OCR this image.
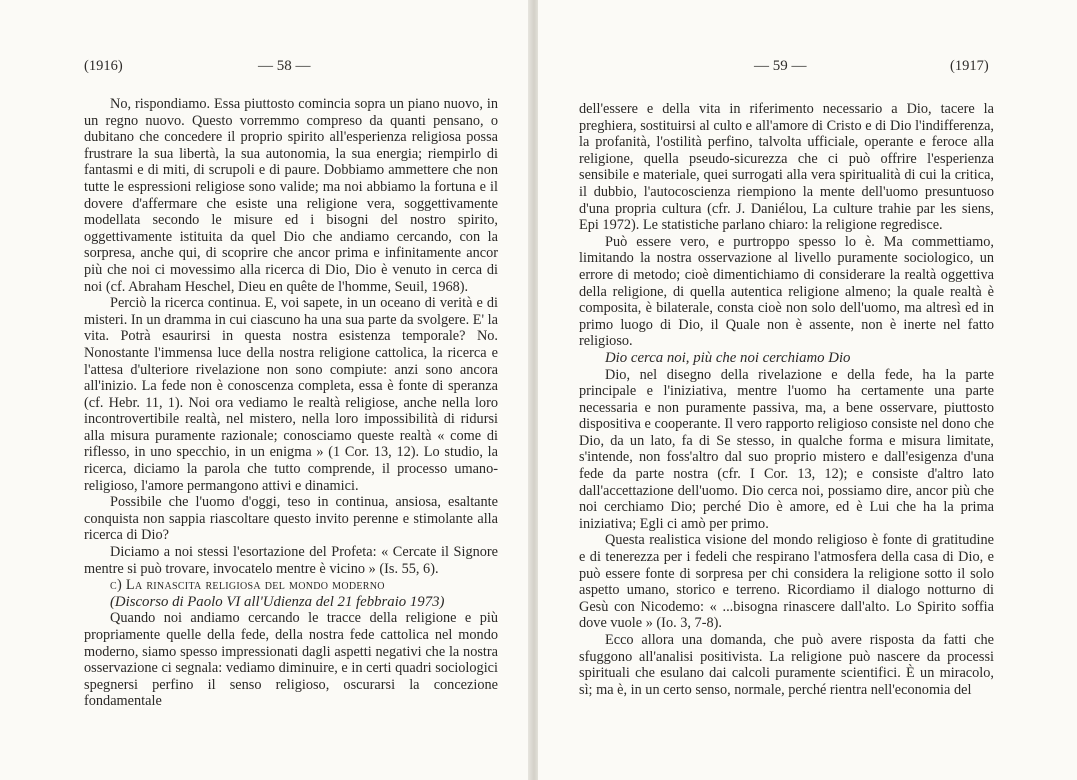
(1916)	— 58 —

No, rispondiamo. Essa piuttosto comincia sopra un piano nuovo, in un regno nuovo. Questo vorremmo compreso da quanti pensano, o dubitano che concedere il proprio spirito all'esperienza religiosa possa frustrare la sua libertà, la sua autonomia, la sua energia; riempirlo di fantasmi e di miti, di scrupoli e di paure. Dobbiamo ammettere che non tutte le espressioni religiose sono valide; ma noi abbiamo la fortuna e il dovere d'affermare che esiste una religione vera, soggettivamente modellata secondo le misure ed i bisogni del nostro spirito, oggettivamente istituita da quel Dio che andiamo cercando, con la sorpresa, anche qui, di scoprire che ancor prima e infinitamente ancor più che noi ci movessimo alla ricerca di Dio, Dio è venuto in cerca di noi (cf. Abraham Heschel, Dieu en quête de l'homme, Seuil, 1968).

Perciò la ricerca continua. E, voi sapete, in un oceano di verità e di misteri. In un dramma in cui ciascuno ha una sua parte da svolgere. E' la vita. Potrà esaurirsi in questa nostra esistenza temporale? No. Nonostante l'immensa luce della nostra religione cattolica, la ricerca e l'attesa d'ulteriore rivelazione non sono compiute: anzi sono ancora all'inizio. La fede non è conoscenza completa, essa è fonte di speranza (cf. Hebr. 11, 1). Noi ora vediamo le realtà religiose, anche nella loro incontrovertibile realtà, nel mistero, nella loro impossibilità di ridursi alla misura puramente razionale; conosciamo queste realtà « come di riflesso, in uno specchio, in un enigma » (1 Cor. 13, 12). Lo studio, la ricerca, diciamo la parola che tutto comprende, il processo umano-religioso, l'amore permangono attivi e dinamici.

Possibile che l'uomo d'oggi, teso in continua, ansiosa, esaltante conquista non sappia riascoltare questo invito perenne e stimolante alla ricerca di Dio?

Diciamo a noi stessi l'esortazione del Profeta: « Cercate il Signore mentre si può trovare, invocatelo mentre è vicino » (Is. 55, 6).

c) La rinascita religiosa del mondo moderno

(Discorso di Paolo VI all'Udienza del 21 febbraio 1973)

Quando noi andiamo cercando le tracce della religione e più propriamente quelle della fede, della nostra fede cattolica nel mondo moderno, siamo spesso impressionati dagli aspetti negativi che la nostra osservazione ci segnala: vediamo diminuire, e in certi quadri sociologici spegnersi perfino il senso religioso, oscurarsi la concezione fondamentale

— 59 —	(1917)

dell'essere e della vita in riferimento necessario a Dio, tacere la preghiera, sostituirsi al culto e all'amore di Cristo e di Dio l'indifferenza, la profanità, l'ostilità perfino, talvolta ufficiale, operante e feroce alla religione, quella pseudo-sicurezza che ci può offrire l'esperienza sensibile e materiale, quei surrogati alla vera spiritualità di cui la critica, il dubbio, l'autocoscienza riempiono la mente dell'uomo presuntuoso d'una propria cultura (cfr. J. Daniélou, La culture trahie par les siens, Epi 1972). Le statistiche parlano chiaro: la religione regredisce.

Può essere vero, e purtroppo spesso lo è. Ma commettiamo, limitando la nostra osservazione al livello puramente sociologico, un errore di metodo; cioè dimentichiamo di considerare la realtà oggettiva della religione, di quella autentica religione almeno; la quale realtà è composita, è bilaterale, consta cioè non solo dell'uomo, ma altresì ed in primo luogo di Dio, il Quale non è assente, non è inerte nel fatto religioso.

Dio cerca noi, più che noi cerchiamo Dio

Dio, nel disegno della rivelazione e della fede, ha la parte principale e l'iniziativa, mentre l'uomo ha certamente una parte necessaria e non puramente passiva, ma, a bene osservare, piuttosto dispositiva e cooperante. Il vero rapporto religioso consiste nel dono che Dio, da un lato, fa di Se stesso, in qualche forma e misura limitate, s'intende, non foss'altro dal suo proprio mistero e dall'esigenza d'una fede da parte nostra (cfr. I Cor. 13, 12); e consiste d'altro lato dall'accettazione dell'uomo. Dio cerca noi, possiamo dire, ancor più che noi cerchiamo Dio; perché Dio è amore, ed è Lui che ha la prima iniziativa; Egli ci amò per primo.

Questa realistica visione del mondo religioso è fonte di gratitudine e di tenerezza per i fedeli che respirano l'atmosfera della casa di Dio, e può essere fonte di sorpresa per chi considera la religione sotto il solo aspetto umano, storico e terreno. Ricordiamo il dialogo notturno di Gesù con Nicodemo: « ...bisogna rinascere dall'alto. Lo Spirito soffia dove vuole » (Io. 3, 7-8).

Ecco allora una domanda, che può avere risposta da fatti che sfuggono all'analisi positivista. La religione può nascere da processi spirituali che esulano dai calcoli puramente scientifici. È un miracolo, sì; ma è, in un certo senso, normale, perché rientra nell'economia del
